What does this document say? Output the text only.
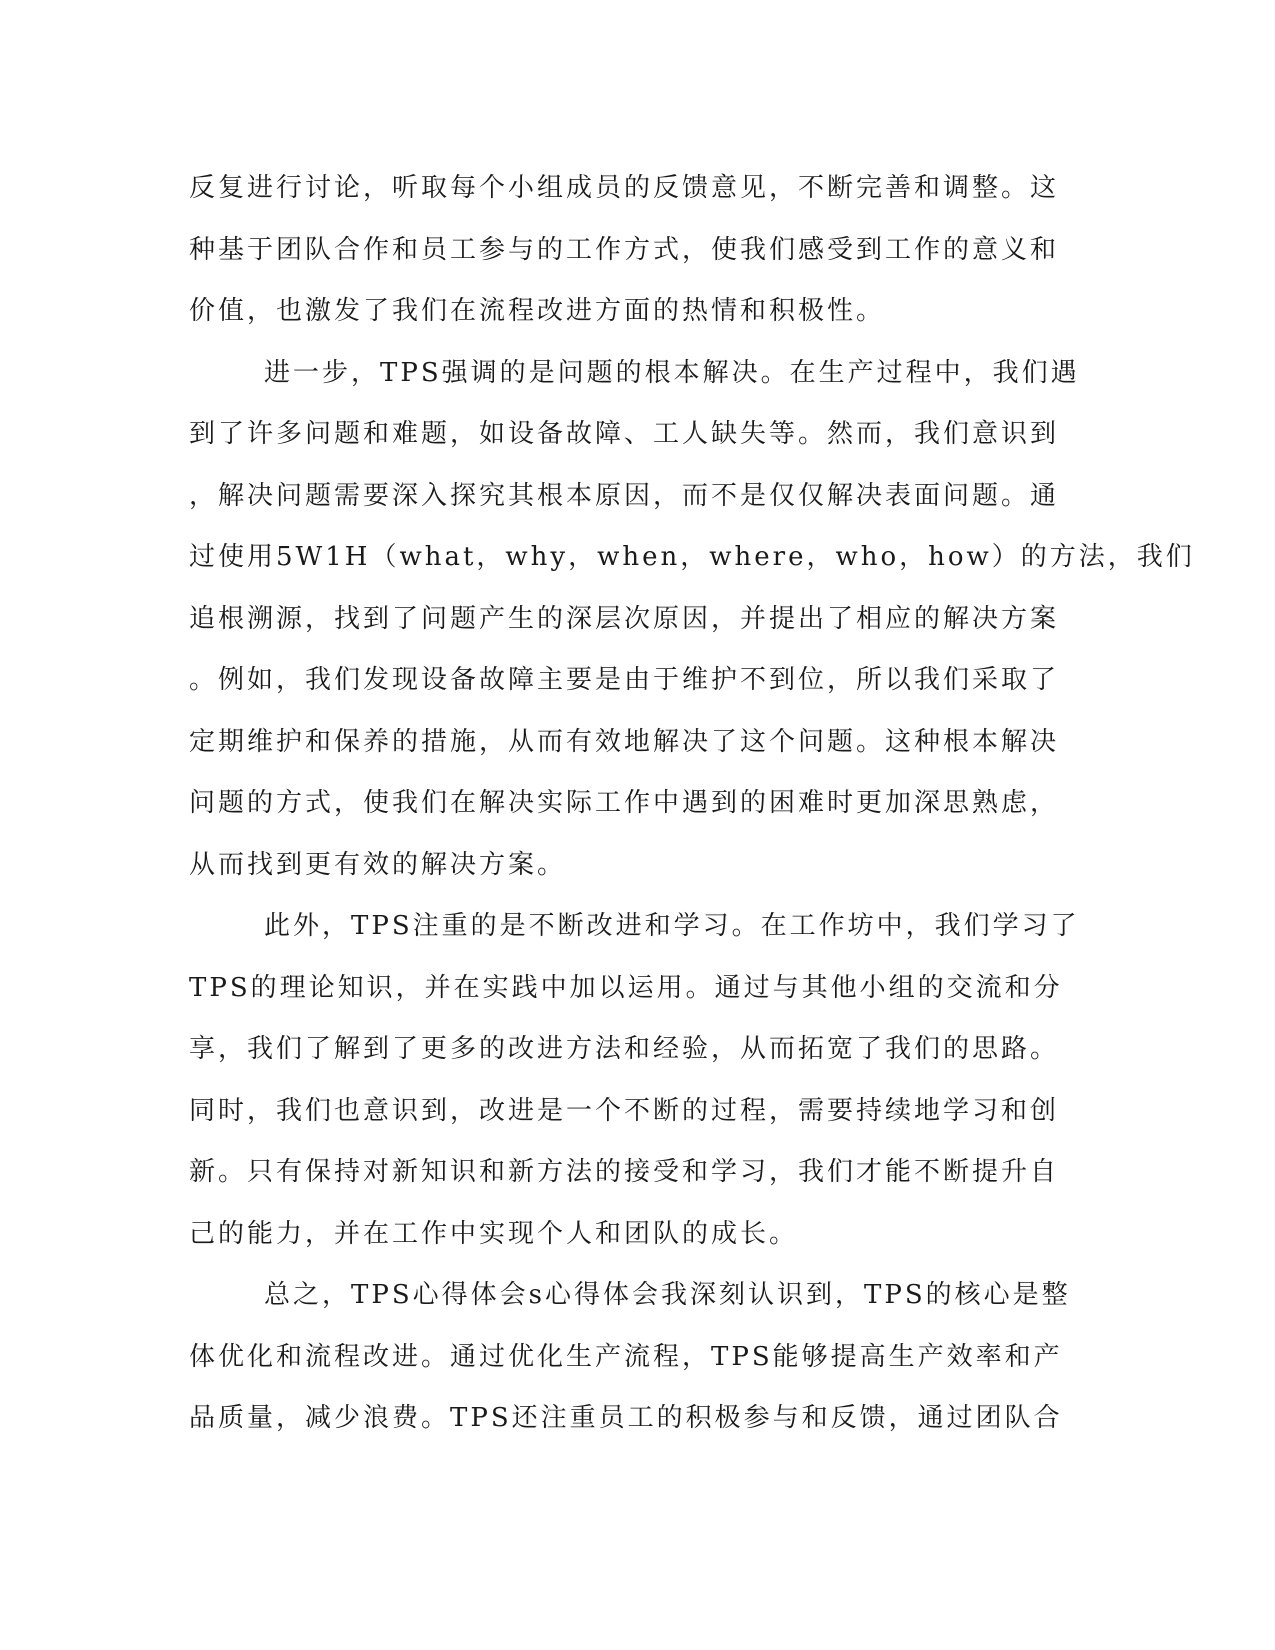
反复进行讨论，听取每个小组成员的反馈意见，不断完善和调整。这
种基于团队合作和员工参与的工作方式，使我们感受到工作的意义和
价值，也激发了我们在流程改进方面的热情和积极性。
进一步，TPS强调的是问题的根本解决。在生产过程中，我们遇
到了许多问题和难题，如设备故障、工人缺失等。然而，我们意识到
，解决问题需要深入探究其根本原因，而不是仅仅解决表面问题。通
过使用5W1H（what，why，when，where，who，how）的方法，我们
追根溯源，找到了问题产生的深层次原因，并提出了相应的解决方案
。例如，我们发现设备故障主要是由于维护不到位，所以我们采取了
定期维护和保养的措施，从而有效地解决了这个问题。这种根本解决
问题的方式，使我们在解决实际工作中遇到的困难时更加深思熟虑，
从而找到更有效的解决方案。
此外，TPS注重的是不断改进和学习。在工作坊中，我们学习了
TPS的理论知识，并在实践中加以运用。通过与其他小组的交流和分
享，我们了解到了更多的改进方法和经验，从而拓宽了我们的思路。
同时，我们也意识到，改进是一个不断的过程，需要持续地学习和创
新。只有保持对新知识和新方法的接受和学习，我们才能不断提升自
己的能力，并在工作中实现个人和团队的成长。
总之，TPS心得体会s心得体会我深刻认识到，TPS的核心是整
体优化和流程改进。通过优化生产流程，TPS能够提高生产效率和产
品质量，减少浪费。TPS还注重员工的积极参与和反馈，通过团队合
